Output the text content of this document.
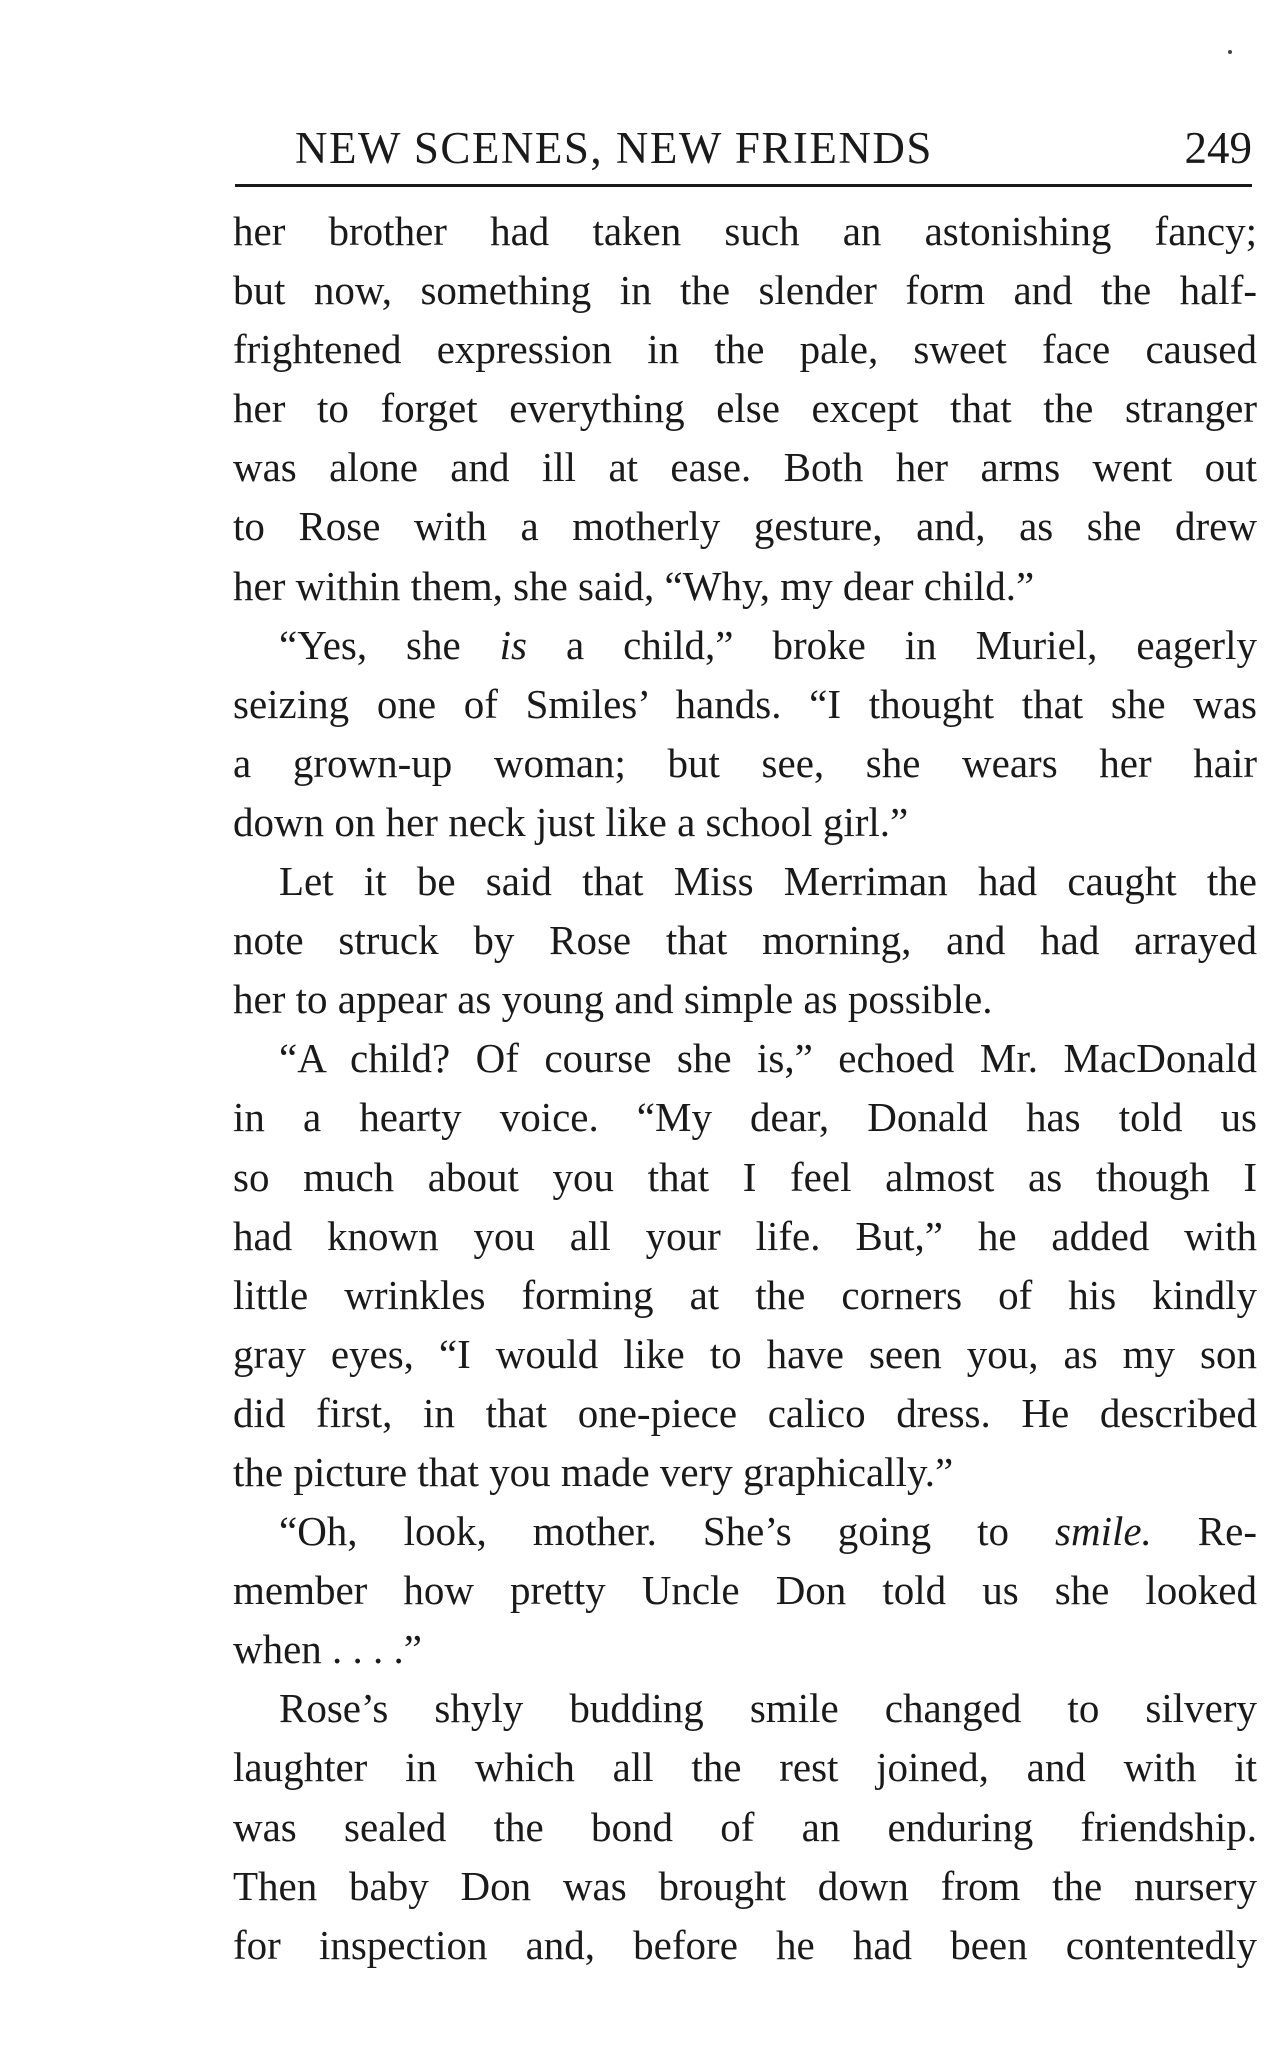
NEW SCENES, NEW FRIENDS	249
her brother had taken such an astonishing fancy;
but now, something in the slender form and the half-
frightened expression in the pale, sweet face caused
her to forget everything else except that the stranger
was alone and ill at ease. Both her arms went out
to Rose with a motherly gesture, and, as she drew
her within them, she said, “Why, my dear child.”
“Yes, she is a child,” broke in Muriel, eagerly
seizing one of Smiles’ hands. “I thought that she was
a grown-up woman; but see, she wears her hair
down on her neck just like a school girl.”
Let it be said that Miss Merriman had caught the
note struck by Rose that morning, and had arrayed
her to appear as young and simple as possible.
“A child? Of course she is,” echoed Mr. MacDonald
in a hearty voice. “My dear, Donald has told us
so much about you that I feel almost as though I
had known you all your life. But,” he added with
little wrinkles forming at the corners of his kindly
gray eyes, “I would like to have seen you, as my son
did first, in that one-piece calico dress. He described
the picture that you made very graphically.”
“Oh, look, mother. She’s going to smile. Re-
member how pretty Uncle Don told us she looked
when . . . .”
Rose’s shyly budding smile changed to silvery
laughter in which all the rest joined, and with it
was sealed the bond of an enduring friendship.
Then baby Don was brought down from the nursery
for inspection and, before he had been contentedly
